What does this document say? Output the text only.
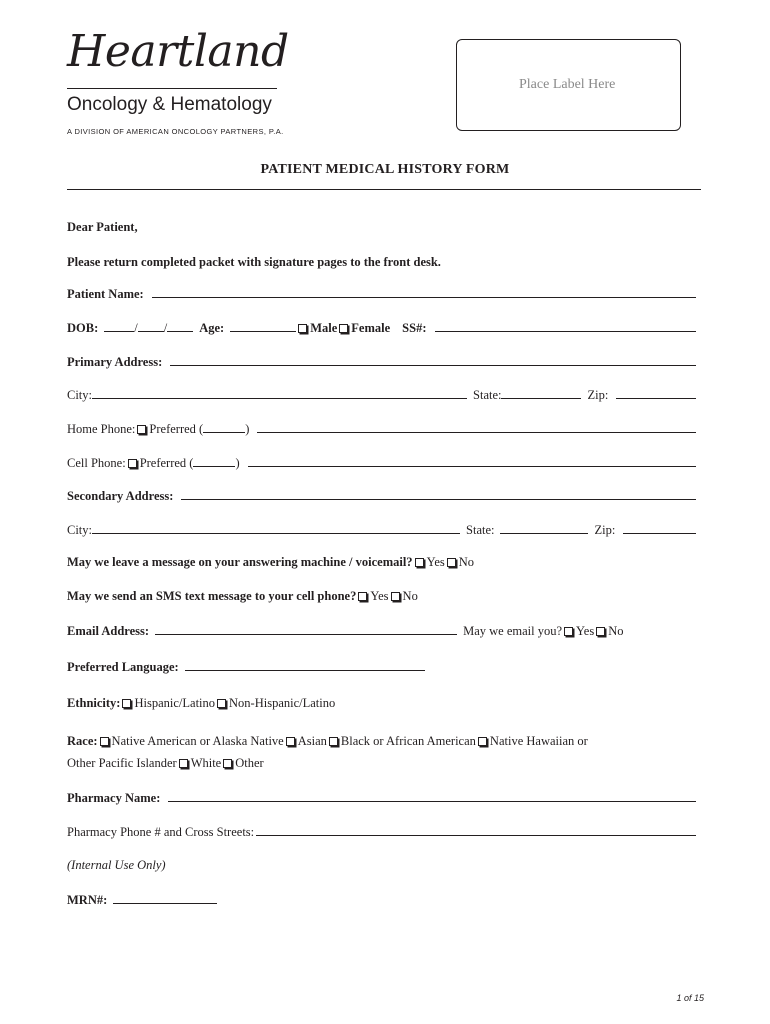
Heartland
Oncology & Hematology
A DIVISION OF AMERICAN ONCOLOGY PARTNERS, P.A.
Place Label Here
PATIENT MEDICAL HISTORY FORM
Dear Patient,
Please return completed packet with signature pages to the front desk.
Patient Name:
DOB:	/ /	Age:	Male Female SS#:
Primary Address:
City:	State:	Zip:
Home Phone: Preferred (	)
Cell Phone: Preferred (	)
Secondary Address:
City:	State:	Zip:
May we leave a message on your answering machine / voicemail? Yes No
May we send an SMS text message to your cell phone? Yes No
Email Address:	May we email you? Yes No
Preferred Language:
Ethnicity: Hispanic/Latino Non-Hispanic/Latino
Race: Native American or Alaska Native Asian Black or African American Native Hawaiian or
Other Pacific Islander White Other
Pharmacy Name:
Pharmacy Phone # and Cross Streets:
(Internal Use Only)
MRN#:
1 of 15
